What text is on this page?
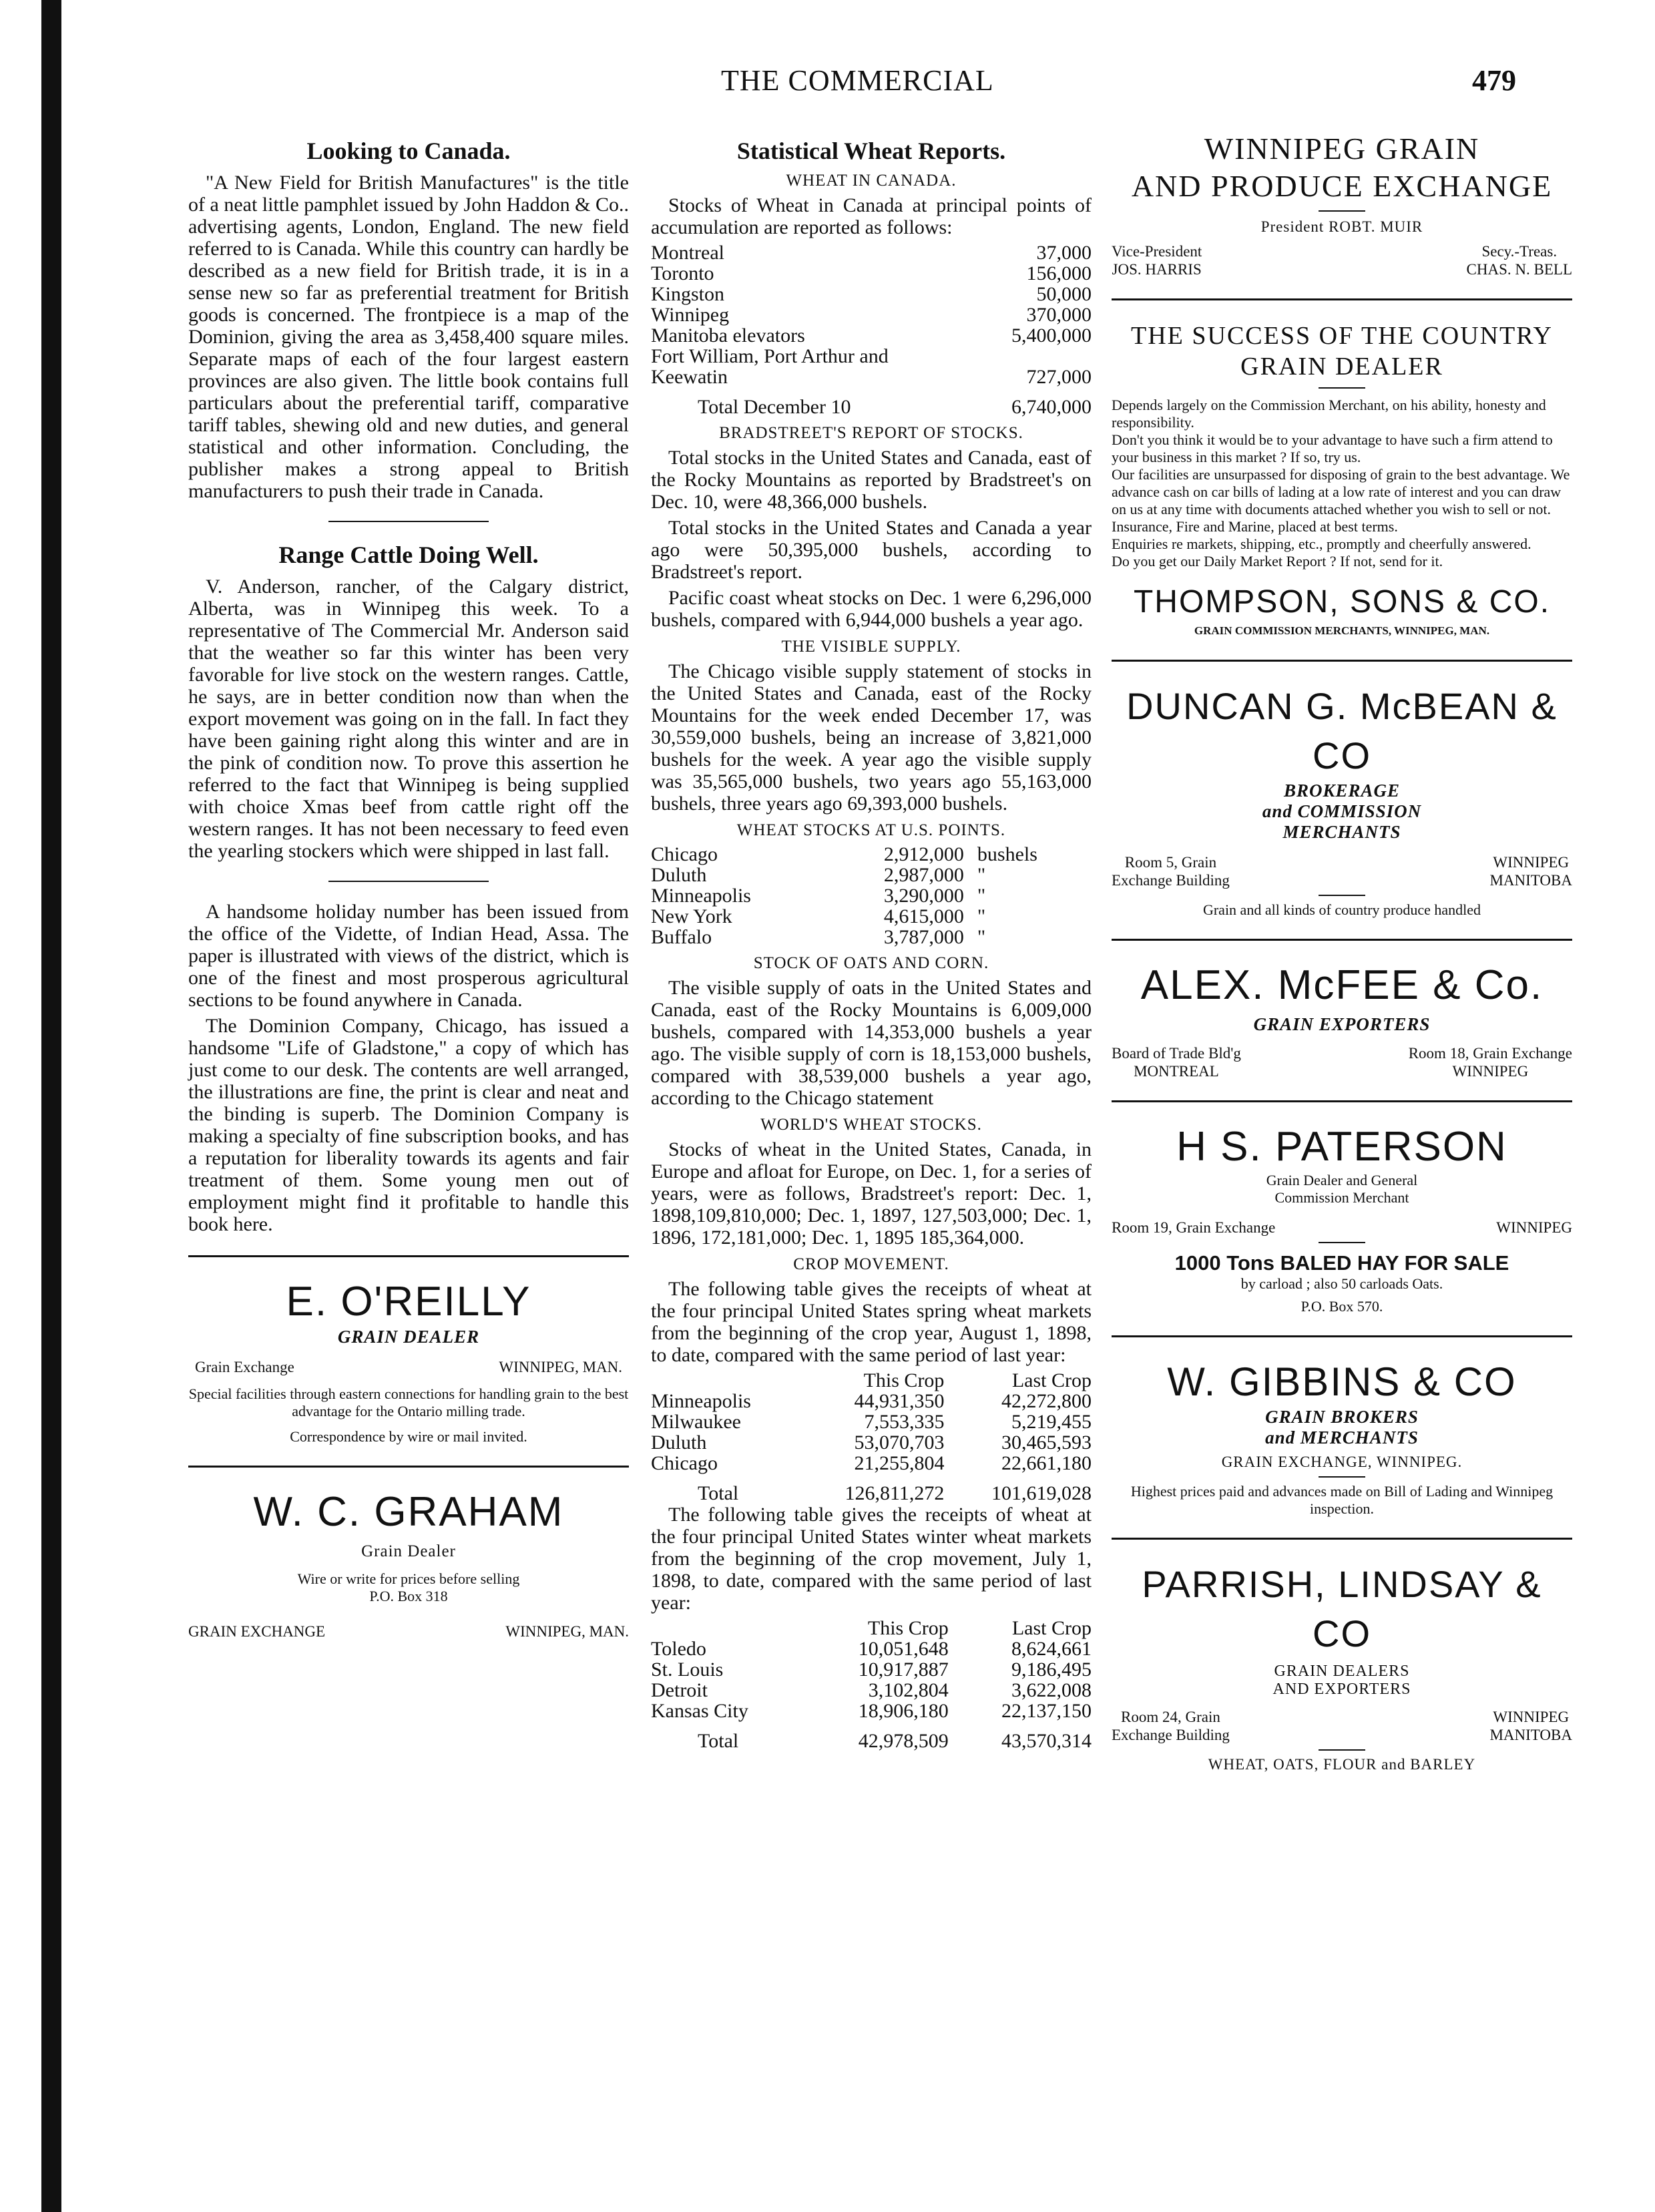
THE COMMERCIAL	479
Looking to Canada.

"A New Field for British Manufactures" is the title of a neat little pamphlet issued by John Haddon & Co.. advertising agents, London, England. The new field referred to is Canada. While this country can hardly be described as a new field for British trade, it is in a sense new so far as preferential treatment for British goods is concerned. The frontpiece is a map of the Dominion, giving the area as 3,458,400 square miles. Separate maps of each of the four largest eastern provinces are also given. The little book contains full particulars about the preferential tariff, comparative tariff tables, shewing old and new duties, and general statistical and other information. Concluding, the publisher makes a strong appeal to British manufacturers to push their trade in Canada.

Range Cattle Doing Well.

V. Anderson, rancher, of the Calgary district, Alberta, was in Winnipeg this week. To a representative of The Commercial Mr. Anderson said that the weather so far this winter has been very favorable for live stock on the western ranges. Cattle, he says, are in better condition now than when the export movement was going on in the fall. In fact they have been gaining right along this winter and are in the pink of condition now. To prove this assertion he referred to the fact that Winnipeg is being supplied with choice Xmas beef from cattle right off the western ranges. It has not been necessary to feed even the yearling stockers which were shipped in last fall.

A handsome holiday number has been issued from the office of the Vidette, of Indian Head, Assa. The paper is illustrated with views of the district, which is one of the finest and most prosperous agricultural sections to be found anywhere in Canada.

The Dominion Company, Chicago, has issued a handsome "Life of Gladstone," a copy of which has just come to our desk. The contents are well arranged, the illustrations are fine, the print is clear and neat and the binding is superb. The Dominion Company is making a specialty of fine subscription books, and has a reputation for liberality towards its agents and fair treatment of them. Some young men out of employment might find it profitable to handle this book here.

E. O'REILLY
GRAIN DEALER
Grain Exchange	WINNIPEG, MAN.
Special facilities through eastern connections for handling grain to the best advantage for the Ontario milling trade.
Correspondence by wire or mail invited.
W. C. GRAHAM
Grain Dealer
Wire or write for prices before selling
P.O. Box 318
GRAIN EXCHANGE	WINNIPEG, MAN.
Statistical Wheat Reports.
WHEAT IN CANADA.

Stocks of Wheat in Canada at principal points of accumulation are reported as follows:

Montreal	37,000
Toronto	156,000
Kingston	50,000
Winnipeg	370,000
Manitoba elevators	5,400,000
Fort William, Port Arthur and	
Keewatin	727,000
Total December 10	6,740,000
BRADSTREET'S REPORT OF STOCKS.

Total stocks in the United States and Canada, east of the Rocky Mountains as reported by Bradstreet's on Dec. 10, were 48,366,000 bushels.

Total stocks in the United States and Canada a year ago were 50,395,000 bushels, according to Bradstreet's report.

Pacific coast wheat stocks on Dec. 1 were 6,296,000 bushels, compared with 6,944,000 bushels a year ago.

THE VISIBLE SUPPLY.

The Chicago visible supply statement of stocks in the United States and Canada, east of the Rocky Mountains for the week ended December 17, was 30,559,000 bushels, being an increase of 3,821,000 bushels for the week. A year ago the visible supply was 35,565,000 bushels, two years ago 55,163,000 bushels, three years ago 69,393,000 bushels.

WHEAT STOCKS AT U.S. POINTS.
Chicago	2,912,000	bushels
Duluth	2,987,000	"
Minneapolis	3,290,000	"
New York	4,615,000	"
Buffalo	3,787,000	"
STOCK OF OATS AND CORN.

The visible supply of oats in the United States and Canada, east of the Rocky Mountains is 6,009,000 bushels, compared with 14,353,000 bushels a year ago. The visible supply of corn is 18,153,000 bushels, compared with 38,539,000 bushels a year ago, according to the Chicago statement

WORLD'S WHEAT STOCKS.

Stocks of wheat in the United States, Canada, in Europe and afloat for Europe, on Dec. 1, for a series of years, were as follows, Bradstreet's report: Dec. 1, 1898,109,810,000; Dec. 1, 1897, 127,503,000; Dec. 1, 1896, 172,181,000; Dec. 1, 1895 185,364,000.

CROP MOVEMENT.

The following table gives the receipts of wheat at the four principal United States spring wheat markets from the beginning of the crop year, August 1, 1898, to date, compared with the same period of last year:

	This Crop	Last Crop
Minneapolis	44,931,350	42,272,800
Milwaukee	7,553,335	5,219,455
Duluth	53,070,703	30,465,593
Chicago	21,255,804	22,661,180
Total	126,811,272	101,619,028

The following table gives the receipts of wheat at the four principal United States winter wheat markets from the beginning of the crop movement, July 1, 1898, to date, compared with the same period of last year:

	This Crop	Last Crop
Toledo	10,051,648	8,624,661
St. Louis	10,917,887	9,186,495
Detroit	3,102,804	3,622,008
Kansas City	18,906,180	22,137,150
Total	42,978,509	43,570,314
WINNIPEG GRAIN
AND PRODUCE EXCHANGE
President ROBT. MUIR
Vice-President
JOS. HARRIS
Secy.-Treas.
CHAS. N. BELL
THE SUCCESS OF THE COUNTRY
GRAIN DEALER
Depends largely on the Commission Merchant, on his ability, honesty and responsibility.
Don't you think it would be to your advantage to have such a firm attend to your business in this market ? If so, try us.
Our facilities are unsurpassed for disposing of grain to the best advantage. We advance cash on car bills of lading at a low rate of interest and you can draw on us at any time with documents attached whether you wish to sell or not. Insurance, Fire and Marine, placed at best terms.
Enquiries re markets, shipping, etc., promptly and cheerfully answered.
Do you get our Daily Market Report ? If not, send for it.
THOMPSON, SONS & CO.
GRAIN COMMISSION MERCHANTS, WINNIPEG, MAN.
DUNCAN G. McBEAN & CO
BROKERAGE
and COMMISSION
MERCHANTS
Room 5, Grain
Exchange Building
WINNIPEG
MANITOBA
Grain and all kinds of country produce handled
ALEX. McFEE & Co.
GRAIN EXPORTERS
Board of Trade Bld'g
MONTREAL
Room 18, Grain Exchange
WINNIPEG
H S. PATERSON
Grain Dealer and General
Commission Merchant
Room 19, Grain Exchange	WINNIPEG
1000 Tons BALED HAY FOR SALE
by carload ; also 50 carloads Oats.
P.O. Box 570.
W. GIBBINS & CO
GRAIN BROKERS
and MERCHANTS
GRAIN EXCHANGE, WINNIPEG.
Highest prices paid and advances made on Bill of Lading and Winnipeg inspection.
PARRISH, LINDSAY & CO
GRAIN DEALERS
AND EXPORTERS
Room 24, Grain
Exchange Building
WINNIPEG
MANITOBA
WHEAT, OATS, FLOUR and BARLEY
